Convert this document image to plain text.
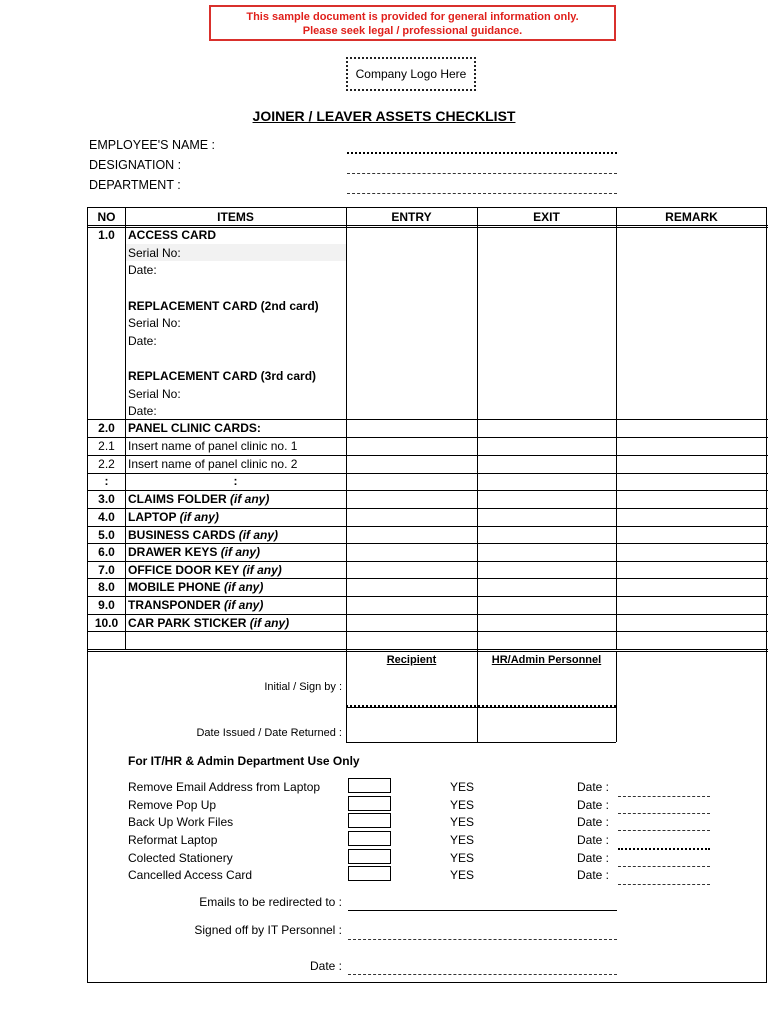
This sample document is provided for general information only.
Please seek legal / professional guidance.
Company Logo Here
JOINER / LEAVER ASSETS CHECKLIST
EMPLOYEE'S NAME :
DESIGNATION :
DEPARTMENT :
NO	ITEMS	ENTRY	EXIT	REMARK
1.0	ACCESS CARD
Serial No:
Date:
REPLACEMENT CARD (2nd card)
Serial No:
Date:
REPLACEMENT CARD (3rd card)
Serial No:
Date:
2.0	PANEL CLINIC CARDS:
2.1	Insert name of panel clinic no. 1
2.2	Insert name of panel clinic no. 2
:	:
3.0	CLAIMS FOLDER (if any)
4.0	LAPTOP (if any)
5.0	BUSINESS CARDS (if any)
6.0	DRAWER KEYS (if any)
7.0	OFFICE DOOR KEY (if any)
8.0	MOBILE PHONE (if any)
9.0	TRANSPONDER (if any)
10.0 CAR PARK STICKER (if any)
Recipient	HR/Admin Personnel
Initial / Sign by :
Date Issued / Date Returned :
For IT/HR & Admin Department Use Only
Remove Email Address from Laptop	YES	Date :
Remove Pop Up	YES	Date :
Back Up Work Files	YES	Date :
Reformat Laptop	YES	Date :
Colected Stationery	YES	Date :
Cancelled Access Card	YES	Date :
Emails to be redirected to :
Signed off by IT Personnel :
Date :
